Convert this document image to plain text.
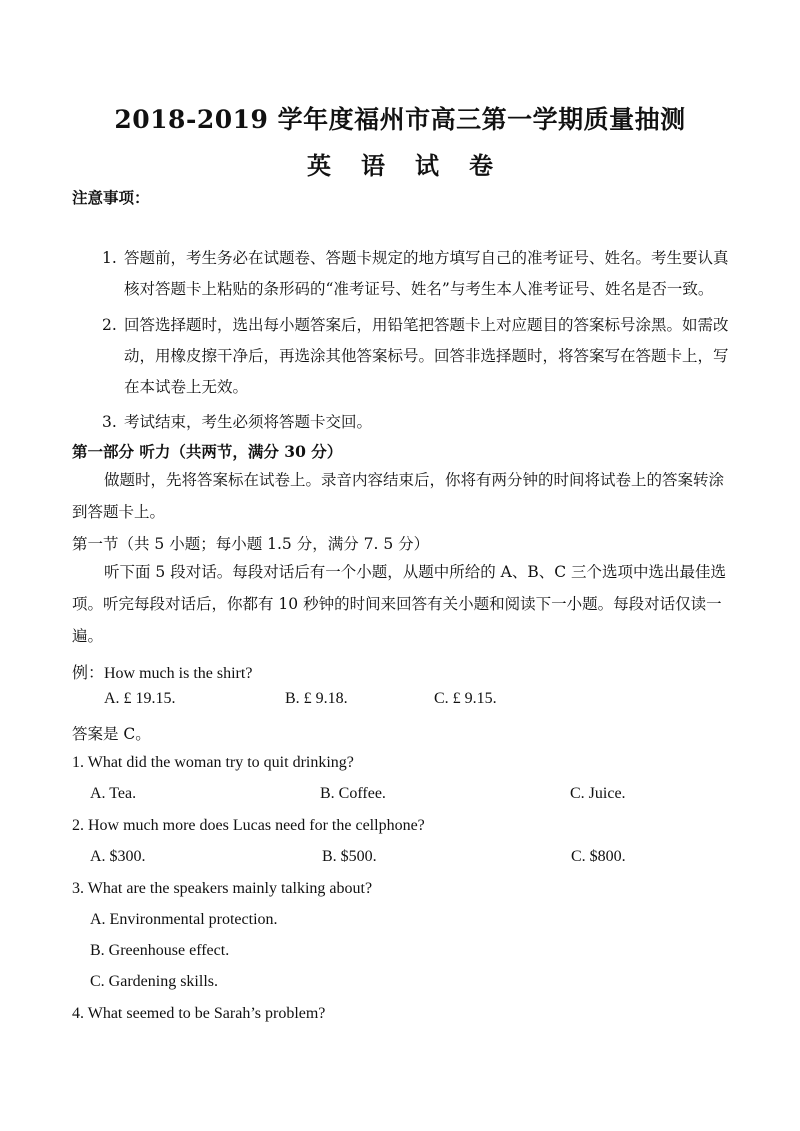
2018-2019 学年度福州市高三第一学期质量抽测
英语试卷
注意事项：
1. 答题前，考生务必在试题卷、答题卡规定的地方填写自己的准考证号、姓名。考生要认真核对答题卡上粘贴的条形码的“准考证号、姓名”与考生本人准考证号、姓名是否一致。
2. 回答选择题时，选出每小题答案后，用铅笔把答题卡上对应题目的答案标号涂黑。如需改动，用橡皮擦干净后，再选涂其他答案标号。回答非选择题时，将答案写在答题卡上，写在本试卷上无效。
3. 考试结束，考生必须将答题卡交回。
第一部分 听力（共两节，满分 30 分）
做题时，先将答案标在试卷上。录音内容结束后，你将有两分钟的时间将试卷上的答案转涂到答题卡上。
第一节（共 5 小题；每小题 1.5 分，满分 7. 5 分）
听下面 5 段对话。每段对话后有一个小题，从题中所给的 A、B、C 三个选项中选出最佳选项。听完每段对话后，你都有 10 秒钟的时间来回答有关小题和阅读下一小题。每段对话仅读一遍。
例：How much is the shirt?
A. £ 19.15.	B. £ 9.18.	C. £ 9.15.
答案是 C。
1. What did the woman try to quit drinking?
A. Tea.	B. Coffee.	C. Juice.
2. How much more does Lucas need for the cellphone?
A. $300.	B. $500.	C. $800.
3. What are the speakers mainly talking about?
A. Environmental protection.
B. Greenhouse effect.
C. Gardening skills.
4. What seemed to be Sarah’s problem?
